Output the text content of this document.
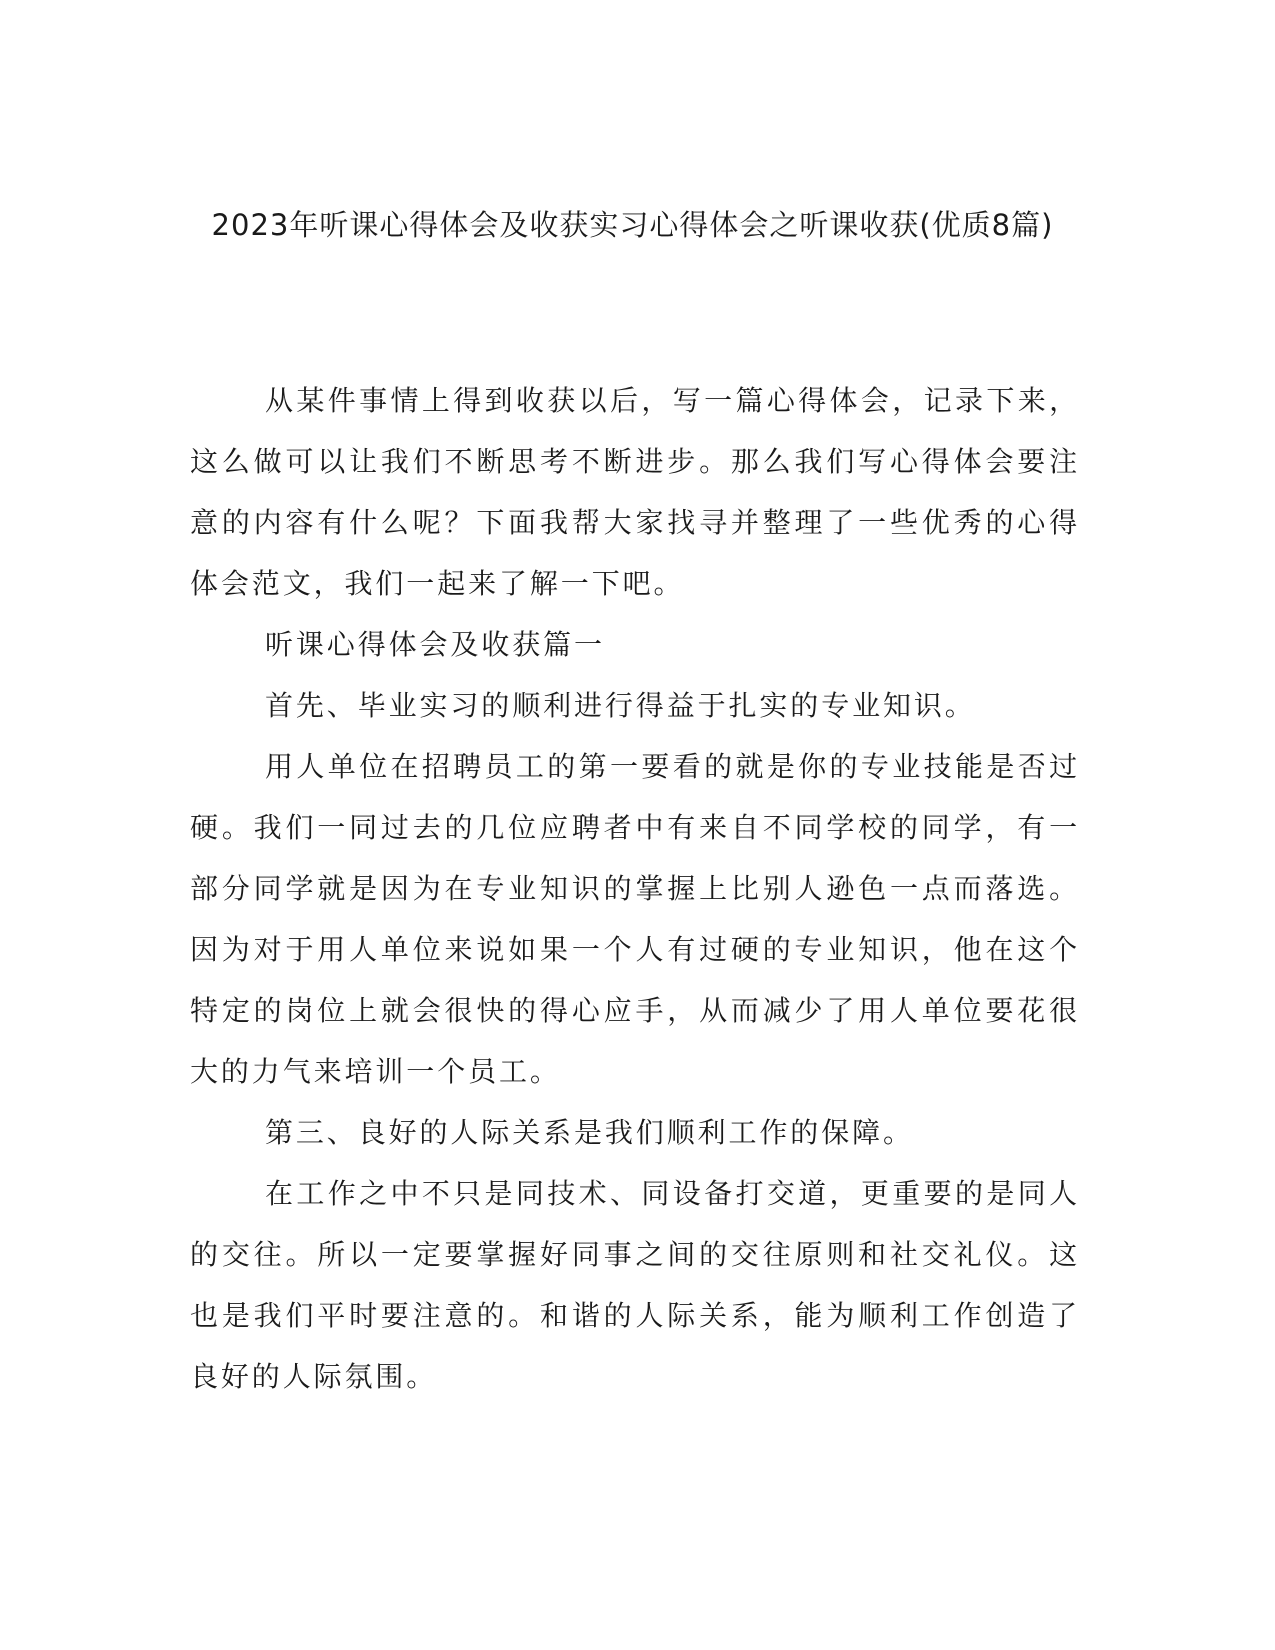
2023年听课心得体会及收获实习心得体会之听课收获(优质8篇)

从某件事情上得到收获以后，写一篇心得体会，记录下来，这么做可以让我们不断思考不断进步。那么我们写心得体会要注意的内容有什么呢？下面我帮大家找寻并整理了一些优秀的心得体会范文，我们一起来了解一下吧。

听课心得体会及收获篇一

首先、毕业实习的顺利进行得益于扎实的专业知识。

用人单位在招聘员工的第一要看的就是你的专业技能是否过硬。我们一同过去的几位应聘者中有来自不同学校的同学，有一部分同学就是因为在专业知识的掌握上比别人逊色一点而落选。因为对于用人单位来说如果一个人有过硬的专业知识，他在这个特定的岗位上就会很快的得心应手，从而减少了用人单位要花很大的力气来培训一个员工。

第三、良好的人际关系是我们顺利工作的保障。

在工作之中不只是同技术、同设备打交道，更重要的是同人的交往。所以一定要掌握好同事之间的交往原则和社交礼仪。这也是我们平时要注意的。和谐的人际关系，能为顺利工作创造了良好的人际氛围。
